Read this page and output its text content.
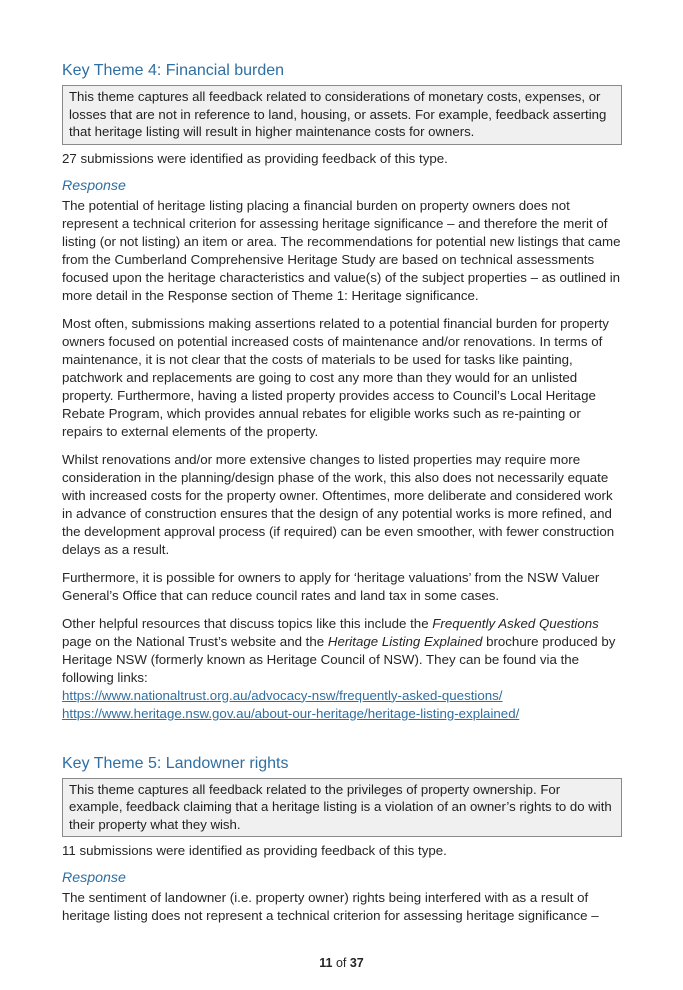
Key Theme 4: Financial burden
This theme captures all feedback related to considerations of monetary costs, expenses, or losses that are not in reference to land, housing, or assets. For example, feedback asserting that heritage listing will result in higher maintenance costs for owners.

27 submissions were identified as providing feedback of this type.

Response

The potential of heritage listing placing a financial burden on property owners does not represent a technical criterion for assessing heritage significance – and therefore the merit of listing (or not listing) an item or area. The recommendations for potential new listings that came from the Cumberland Comprehensive Heritage Study are based on technical assessments focused upon the heritage characteristics and value(s) of the subject properties – as outlined in more detail in the Response section of Theme 1: Heritage significance.

Most often, submissions making assertions related to a potential financial burden for property owners focused on potential increased costs of maintenance and/or renovations. In terms of maintenance, it is not clear that the costs of materials to be used for tasks like painting, patchwork and replacements are going to cost any more than they would for an unlisted property. Furthermore, having a listed property provides access to Council’s Local Heritage Rebate Program, which provides annual rebates for eligible works such as re-painting or repairs to external elements of the property.

Whilst renovations and/or more extensive changes to listed properties may require more consideration in the planning/design phase of the work, this also does not necessarily equate with increased costs for the property owner. Oftentimes, more deliberate and considered work in advance of construction ensures that the design of any potential works is more refined, and the development approval process (if required) can be even smoother, with fewer construction delays as a result.

Furthermore, it is possible for owners to apply for ‘heritage valuations’ from the NSW Valuer General’s Office that can reduce council rates and land tax in some cases.

Other helpful resources that discuss topics like this include the Frequently Asked Questions page on the National Trust’s website and the Heritage Listing Explained brochure produced by Heritage NSW (formerly known as Heritage Council of NSW). They can be found via the following links:

https://www.nationaltrust.org.au/advocacy-nsw/frequently-asked-questions/
https://www.heritage.nsw.gov.au/about-our-heritage/heritage-listing-explained/
Key Theme 5: Landowner rights
This theme captures all feedback related to the privileges of property ownership. For example, feedback claiming that a heritage listing is a violation of an owner’s rights to do with their property what they wish.

11 submissions were identified as providing feedback of this type.

Response

The sentiment of landowner (i.e. property owner) rights being interfered with as a result of heritage listing does not represent a technical criterion for assessing heritage significance –

11 of 37
